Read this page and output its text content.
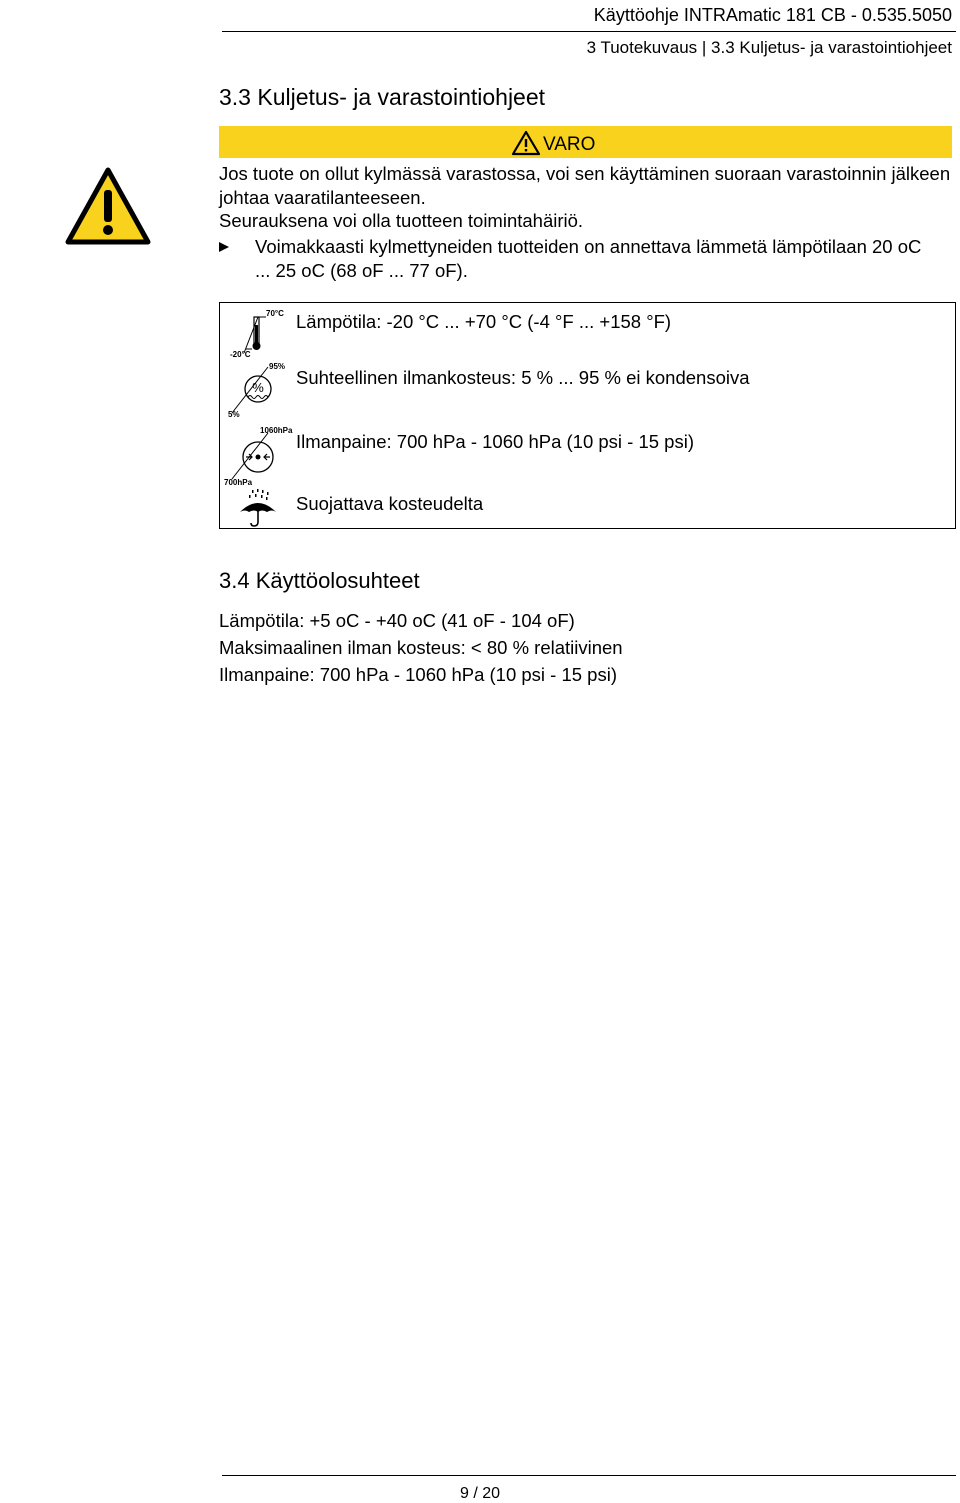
Käyttöohje INTRAmatic 181 CB - 0.535.5050
3 Tuotekuvaus | 3.3 Kuljetus- ja varastointiohjeet
3.3 Kuljetus- ja varastointiohjeet
VARO
Jos tuote on ollut kylmässä varastossa, voi sen käyttäminen suoraan varastoinnin jälkeen johtaa vaaratilanteeseen.
Seurauksena voi olla tuotteen toimintahäiriö.
Voimakkaasti kylmettyneiden tuotteiden on annettava lämmetä lämpötilaan 20 oC ... 25 oC (68 oF ... 77 oF).
70°C
-20°C
Lämpötila: -20 °C ... +70 °C (-4 °F ... +158 °F)
%
95%
5%
Suhteellinen ilmankosteus: 5 % ... 95 % ei kondensoiva
1060hPa
700hPa
Ilmanpaine: 700 hPa - 1060 hPa (10 psi - 15 psi)
Suojattava kosteudelta
3.4 Käyttöolosuhteet
Lämpötila: +5 oC - +40 oC (41 oF - 104 oF)
Maksimaalinen ilman kosteus: < 80 % relatiivinen
Ilmanpaine: 700 hPa - 1060 hPa (10 psi - 15 psi)
9 / 20
